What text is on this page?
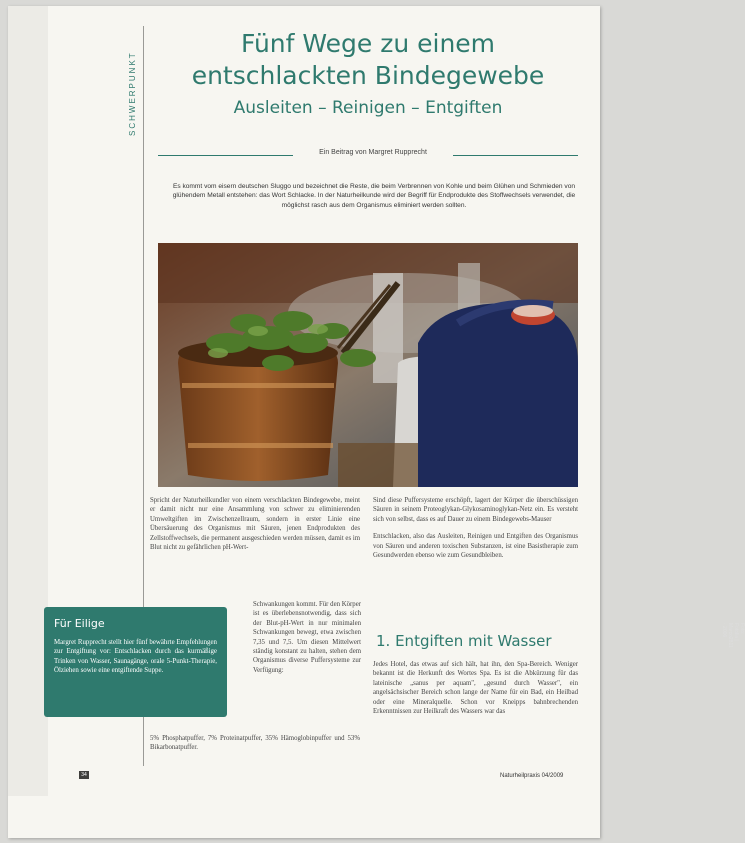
SCHWERPUNKT
Fünf Wege zu einem
entschlackten Bindegewebe
Ausleiten – Reinigen – Entgiften
Ein Beitrag von Margret Rupprecht
Es kommt vom eisern deutschen Sluggo und bezeichnet die Reste, die beim Verbrennen von Kohle und beim Glühen und Schmieden von glühendem Metall entstehen: das Wort Schlacke. In der Naturheilkunde wird der Begriff für Endprodukte des Stoffwechsels verwendet, die möglichst rasch aus dem Organismus eliminiert werden sollten.
Foto: Fotolia | Marco2811 · 2006

Spricht der Naturheilkundler von einem verschlackten Bindegewebe, meint er damit nicht nur eine Ansammlung von schwer zu eliminierenden Umweltgiften im Zwischenzellraum, sondern in erster Linie eine Übersäuerung des Organismus mit Säuren, jenen Endprodukten des Zellstoffwechsels, die permanent ausgeschieden werden müssen, damit es im Blut nicht zu gefährlichen pH-Wert-

Schwankungen kommt. Für den Körper ist es überlebensnotwendig, dass sich der Blut-pH-Wert in nur minimalen Schwankungen bewegt, etwa zwischen 7,35 und 7,5. Um diesen Mittelwert ständig konstant zu halten, stehen dem Organismus diverse Puffersysteme zur Verfügung:

5% Phosphatpuffer, 7% Proteinatpuffer, 35% Hämoglobinpuffer und 53% Bikarbonatpuffer.

Sind diese Puffersysteme erschöpft, lagert der Körper die überschüssigen Säuren in seinem Proteoglykan-Glykosaminoglykan-Netz ein. Es versteht sich von selbst, dass es auf Dauer zu einem Bindegewebs-Mauser

Entschlacken, also das Ausleiten, Reinigen und Entgiften des Organismus von Säuren und anderen toxischen Substanzen, ist eine Basistherapie zum Gesundwerden ebenso wie zum Gesundbleiben.

1. Entgiften mit Wasser

Jedes Hotel, das etwas auf sich hält, hat ihn, den Spa-Bereich. Weniger bekannt ist die Herkunft des Wortes Spa. Es ist die Abkürzung für das lateinische „sanus per aquam", „gesund durch Wasser", ein angelsächsischer Bereich schon lange der Name für ein Bad, ein Heilbad oder eine Mineralquelle. Schon vor Kneipps bahnbrechenden Erkenntnissen zur Heilkraft des Wassers war das

Für Eilige
Margret Rupprecht stellt hier fünf bewährte Empfehlungen zur Entgiftung vor: Entschlacken durch das kurmäßige Trinken von Wasser, Saunagänge, orale 5-Punkt-Therapie, Ölziehen sowie eine entgiftende Suppe.
34	Naturheilpraxis 04/2009
